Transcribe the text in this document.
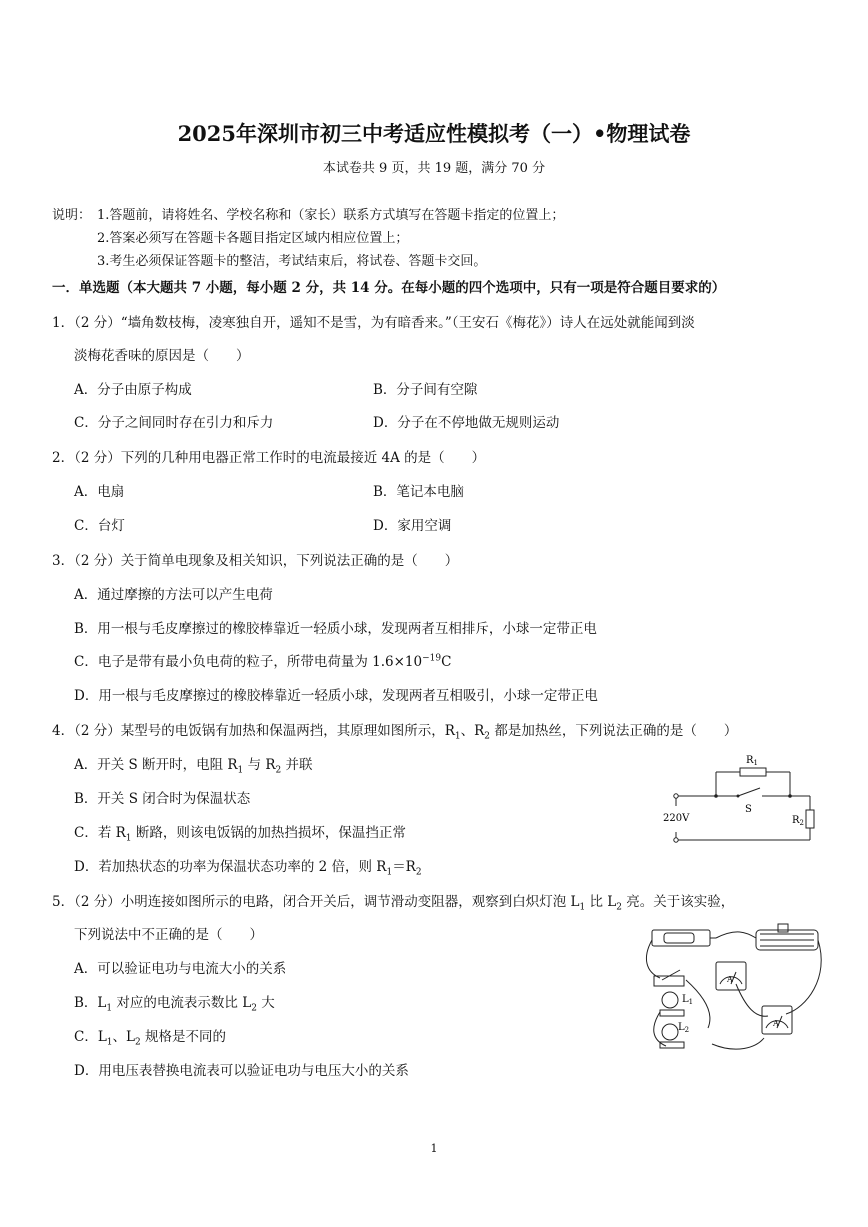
2025年深圳市初三中考适应性模拟考（一）•物理试卷
本试卷共 9 页，共 19 题，满分 70 分
说明： 1.答题前，请将姓名、学校名称和（家长）联系方式填写在答题卡指定的位置上；
2.答案必须写在答题卡各题目指定区域内相应位置上；
3.考生必须保证答题卡的整洁，考试结束后，将试卷、答题卡交回。
一．单选题（本大题共 7 小题，每小题 2 分，共 14 分。在每小题的四个选项中，只有一项是符合题目要求的）
1．（2 分）“墙角数枝梅，凌寒独自开，遥知不是雪，为有暗香来。”（王安石《梅花》）诗人在远处就能闻到淡
淡梅花香味的原因是（　　）
A．分子由原子构成	B．分子间有空隙
C．分子之间同时存在引力和斥力	D．分子在不停地做无规则运动
2．（2 分）下列的几种用电器正常工作时的电流最接近 4A 的是（　　）
A．电扇	B．笔记本电脑
C．台灯	D．家用空调
3．（2 分）关于简单电现象及相关知识，下列说法正确的是（　　）
A．通过摩擦的方法可以产生电荷
B．用一根与毛皮摩擦过的橡胶棒靠近一轻质小球，发现两者互相排斥，小球一定带正电
C．电子是带有最小负电荷的粒子，所带电荷量为 $1.6\times 10^{-19}C$
D．用一根与毛皮摩擦过的橡胶棒靠近一轻质小球，发现两者互相吸引，小球一定带正电
4．（2 分）某型号的电饭锅有加热和保温两挡，其原理如图所示，$R_1$、$R_2$ 都是加热丝，下列说法正确的是（　　）
A．开关 S 断开时，电阻 $R_1$ 与 $R_2$ 并联
B．开关 S 闭合时为保温状态
C．若 $R_1$ 断路，则该电饭锅的加热挡损坏，保温挡正常
D．若加热状态的功率为保温状态功率的 2 倍，则 $R_1=R_2$
$R_1$
S
$R_2$
220V
5．（2 分）小明连接如图所示的电路，闭合开关后，调节滑动变阻器，观察到白炽灯泡 $L_1$ 比 $L_2$ 亮。关于该实验，
下列说法中不正确的是（　　）
A．可以验证电功与电流大小的关系
B．$L_1$ 对应的电流表示数比 $L_2$ 大
C．$L_1$、$L_2$ 规格是不同的
D．用电压表替换电流表可以验证电功与电压大小的关系
A
A
$L_1$
$L_2$
1
